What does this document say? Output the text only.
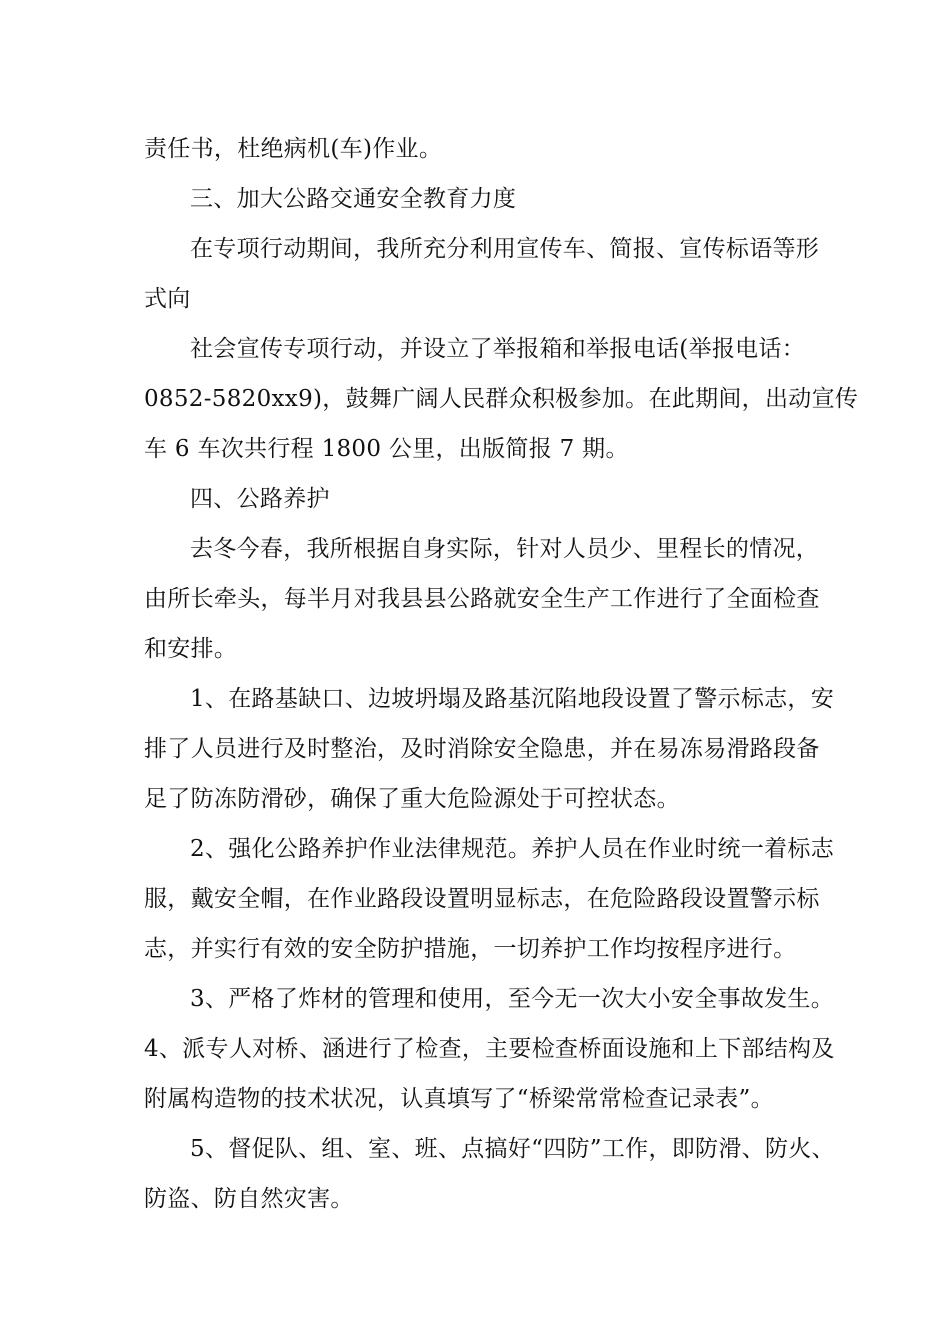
责任书，杜绝病机(车)作业。
三、加大公路交通安全教育力度
在专项行动期间，我所充分利用宣传车、简报、宣传标语等形
式向
社会宣传专项行动，并设立了举报箱和举报电话(举报电话：
0852-5820xx9)，鼓舞广阔人民群众积极参加。在此期间，出动宣传
车 6 车次共行程 1800 公里，出版简报 7 期。
四、公路养护
去冬今春，我所根据自身实际，针对人员少、里程长的情况，
由所长牵头，每半月对我县县公路就安全生产工作进行了全面检查
和安排。
1、在路基缺口、边坡坍塌及路基沉陷地段设置了警示标志，安
排了人员进行及时整治，及时消除安全隐患，并在易冻易滑路段备
足了防冻防滑砂，确保了重大危险源处于可控状态。
2、强化公路养护作业法律规范。养护人员在作业时统一着标志
服，戴安全帽，在作业路段设置明显标志，在危险路段设置警示标
志，并实行有效的安全防护措施，一切养护工作均按程序进行。
3、严格了炸材的管理和使用，至今无一次大小安全事故发生。
4、派专人对桥、涵进行了检查，主要检查桥面设施和上下部结构及
附属构造物的技术状况，认真填写了“桥梁常常检查记录表”。
5、督促队、组、室、班、点搞好“四防”工作，即防滑、防火、
防盗、防自然灾害。
